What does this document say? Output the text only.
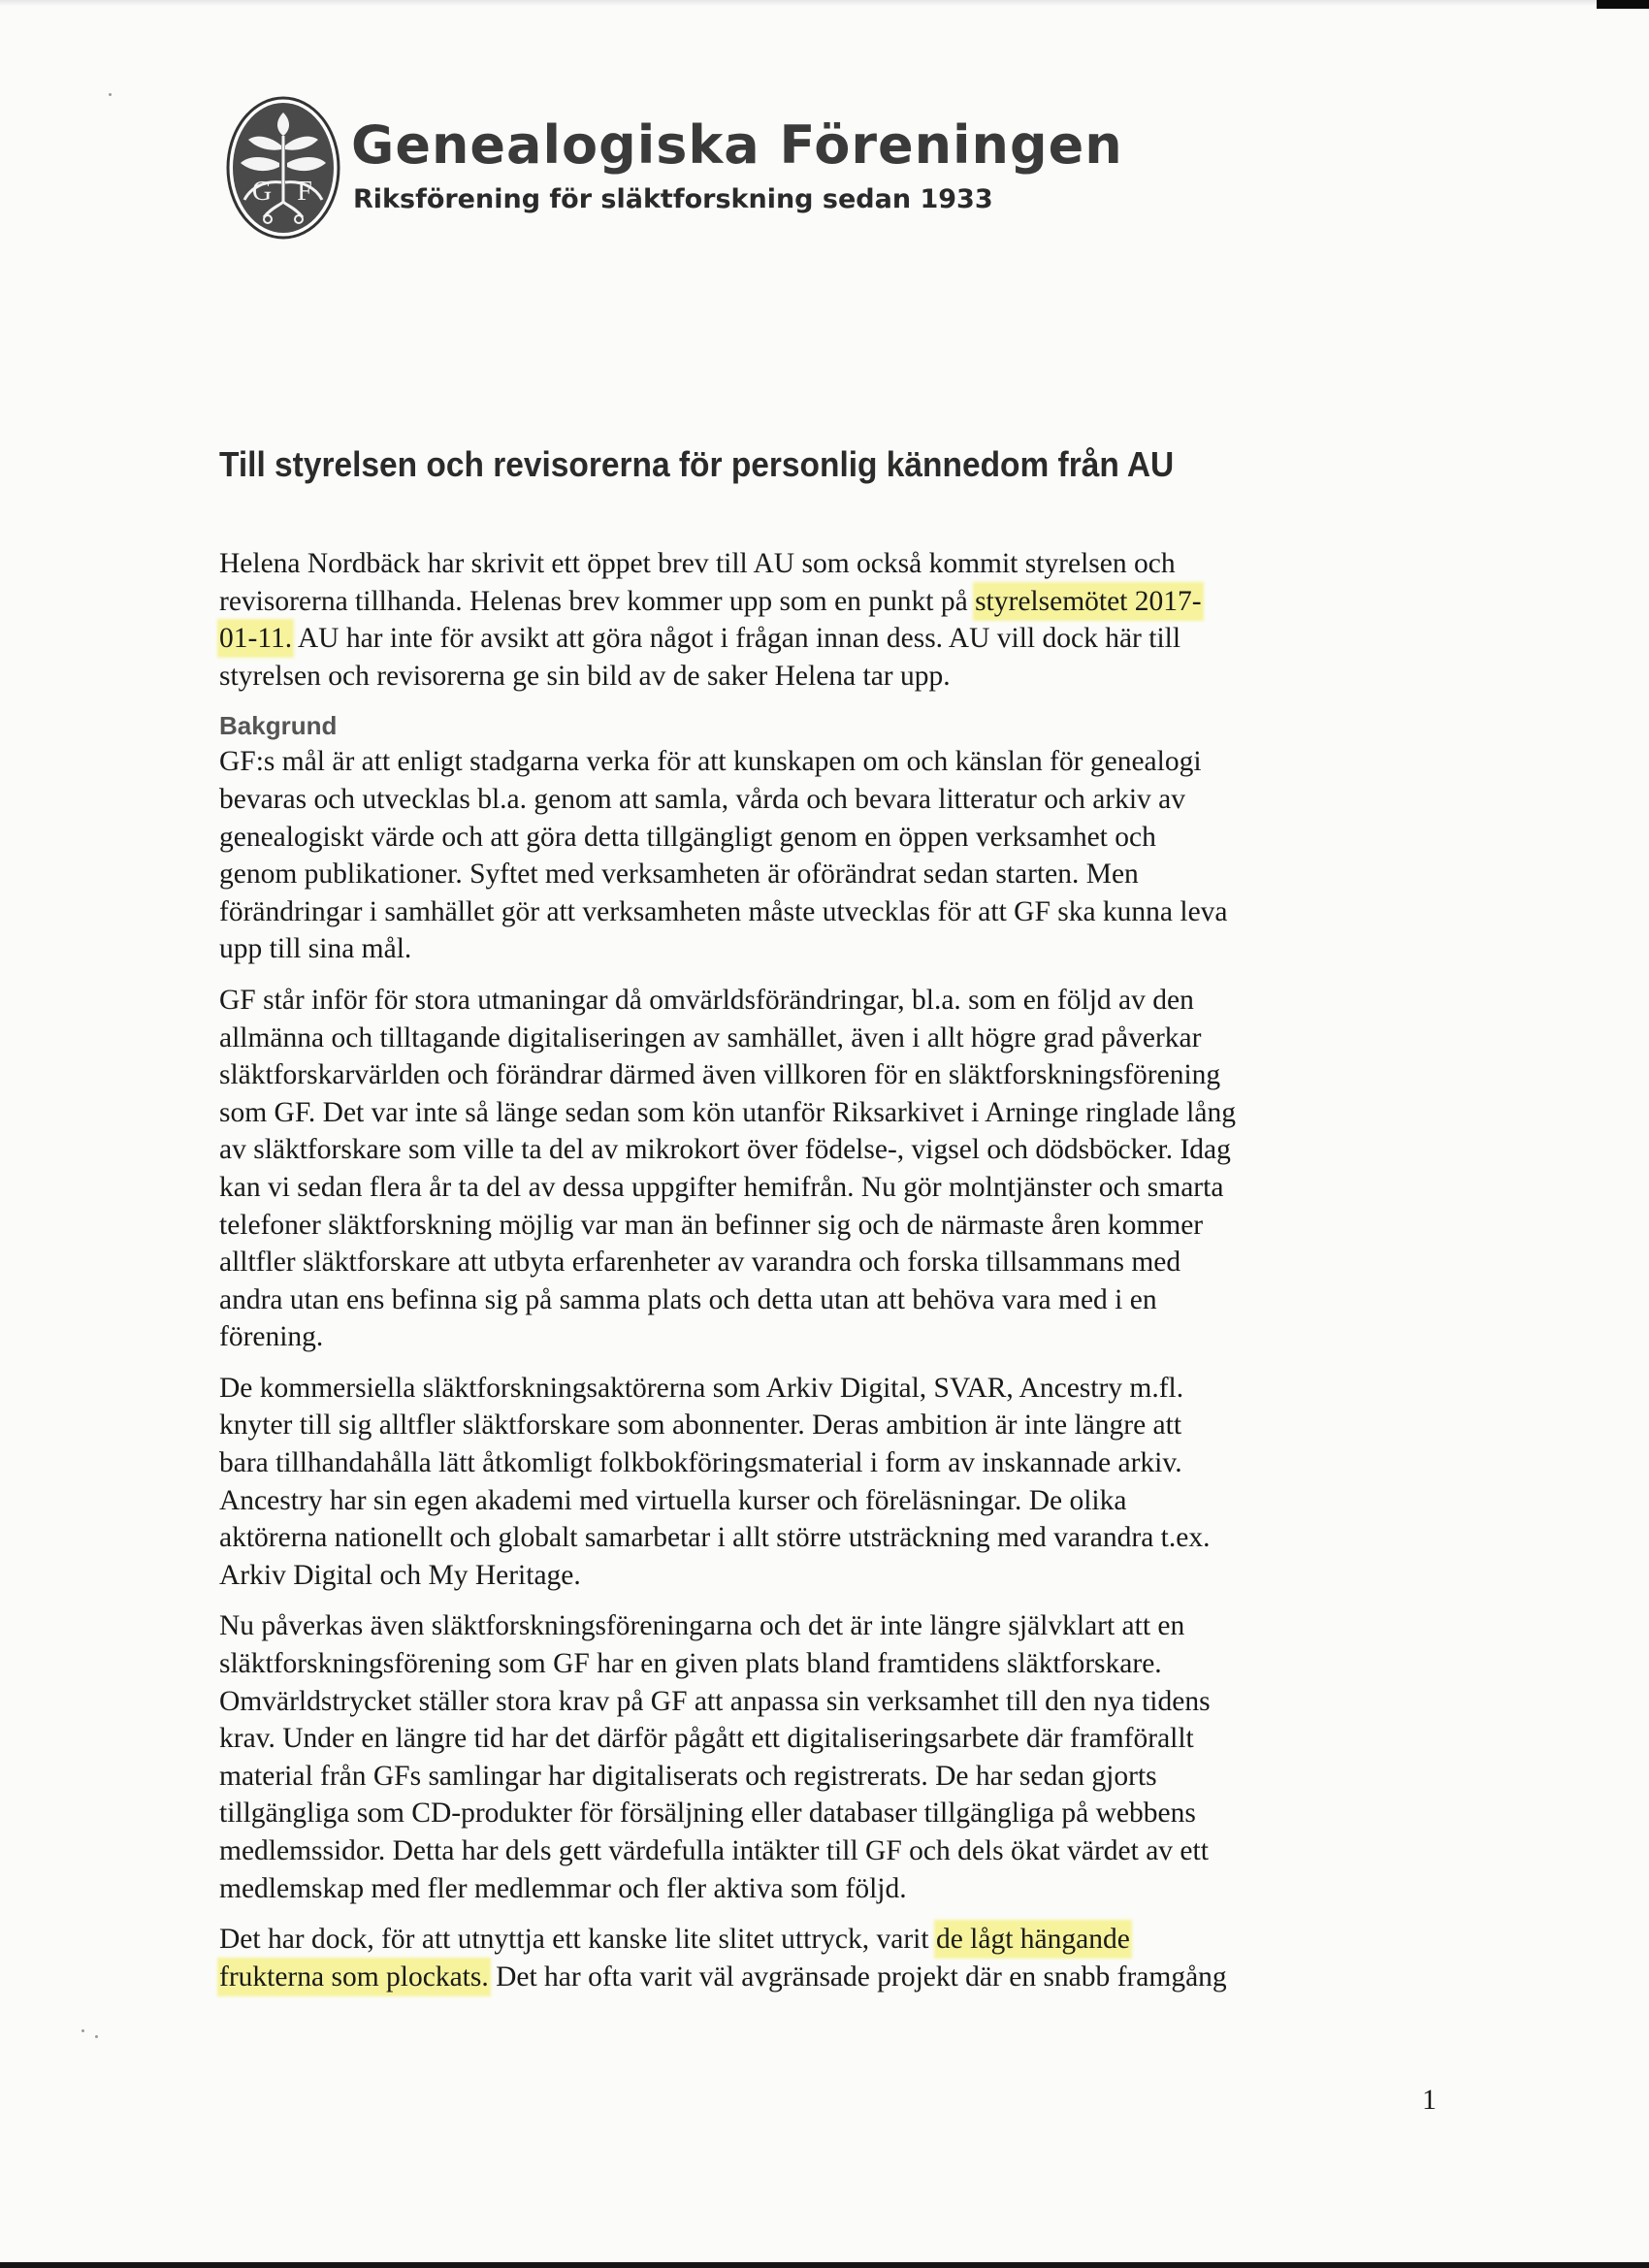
G F
Genealogiska Föreningen
Riksförening för släktforskning sedan 1933
Till styrelsen och revisorerna för personlig kännedom från AU

Helena Nordbäck har skrivit ett öppet brev till AU som också kommit styrelsen och
revisorerna tillhanda. Helenas brev kommer upp som en punkt på styrelsemötet 2017-
01-11. AU har inte för avsikt att göra något i frågan innan dess. AU vill dock här till
styrelsen och revisorerna ge sin bild av de saker Helena tar upp.

Bakgrund

GF:s mål är att enligt stadgarna verka för att kunskapen om och känslan för genealogi
bevaras och utvecklas bl.a. genom att samla, vårda och bevara litteratur och arkiv av
genealogiskt värde och att göra detta tillgängligt genom en öppen verksamhet och
genom publikationer. Syftet med verksamheten är oförändrat sedan starten. Men
förändringar i samhället gör att verksamheten måste utvecklas för att GF ska kunna leva
upp till sina mål.

GF står inför för stora utmaningar då omvärldsförändringar, bl.a. som en följd av den
allmänna och tilltagande digitaliseringen av samhället, även i allt högre grad påverkar
släktforskarvärlden och förändrar därmed även villkoren för en släktforskningsförening
som GF. Det var inte så länge sedan som kön utanför Riksarkivet i Arninge ringlade lång
av släktforskare som ville ta del av mikrokort över födelse-, vigsel och dödsböcker. Idag
kan vi sedan flera år ta del av dessa uppgifter hemifrån. Nu gör molntjänster och smarta
telefoner släktforskning möjlig var man än befinner sig och de närmaste åren kommer
alltfler släktforskare att utbyta erfarenheter av varandra och forska tillsammans med
andra utan ens befinna sig på samma plats och detta utan att behöva vara med i en
förening.

De kommersiella släktforskningsaktörerna som Arkiv Digital, SVAR, Ancestry m.fl.
knyter till sig alltfler släktforskare som abonnenter. Deras ambition är inte längre att
bara tillhandahålla lätt åtkomligt folkbokföringsmaterial i form av inskannade arkiv.
Ancestry har sin egen akademi med virtuella kurser och föreläsningar. De olika
aktörerna nationellt och globalt samarbetar i allt större utsträckning med varandra t.ex.
Arkiv Digital och My Heritage.

Nu påverkas även släktforskningsföreningarna och det är inte längre självklart att en
släktforskningsförening som GF har en given plats bland framtidens släktforskare.
Omvärldstrycket ställer stora krav på GF att anpassa sin verksamhet till den nya tidens
krav. Under en längre tid har det därför pågått ett digitaliseringsarbete där framförallt
material från GFs samlingar har digitaliserats och registrerats. De har sedan gjorts
tillgängliga som CD-produkter för försäljning eller databaser tillgängliga på webbens
medlemssidor. Detta har dels gett värdefulla intäkter till GF och dels ökat värdet av ett
medlemskap med fler medlemmar och fler aktiva som följd.

Det har dock, för att utnyttja ett kanske lite slitet uttryck, varit de lågt hängande
frukterna som plockats. Det har ofta varit väl avgränsade projekt där en snabb framgång

1
